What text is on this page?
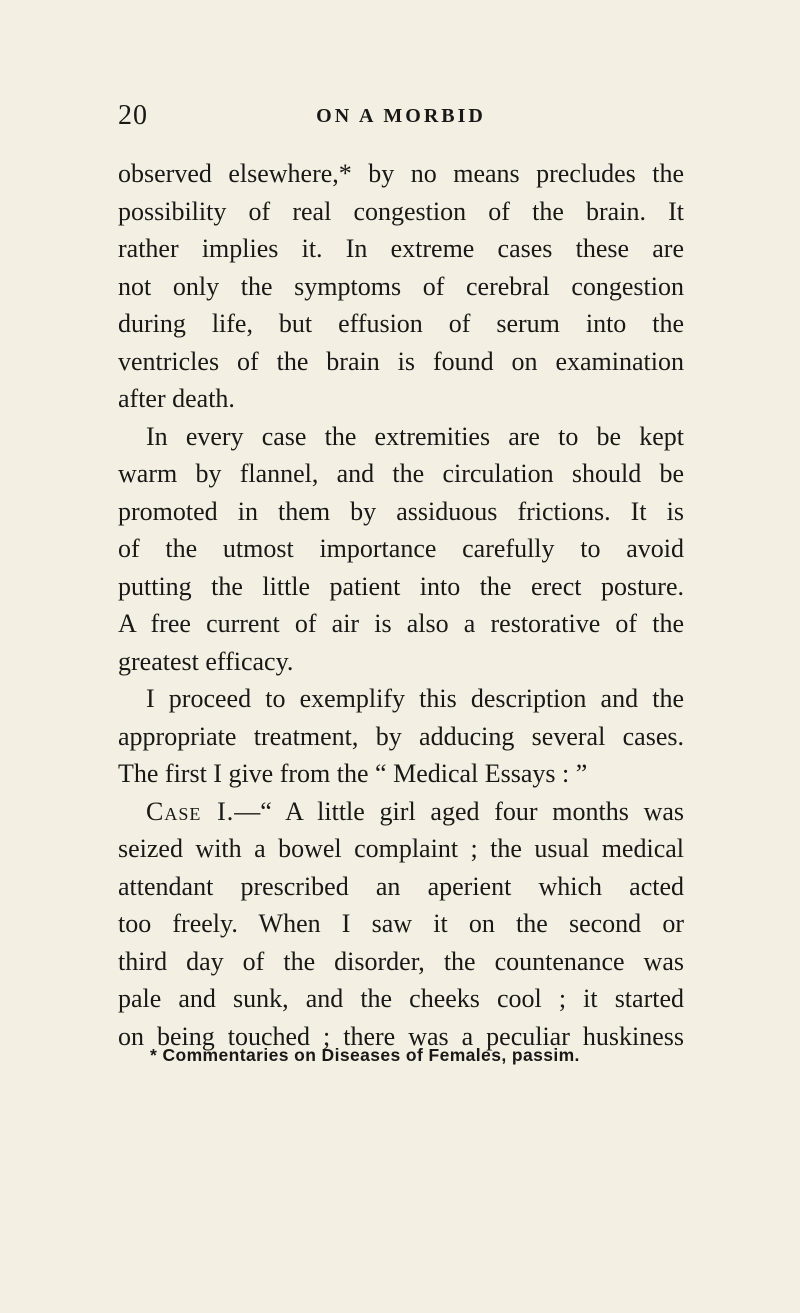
20	ON A MORBID
observed elsewhere,* by no means precludes the
possibility of real congestion of the brain. It
rather implies it. In extreme cases these are
not only the symptoms of cerebral congestion
during life, but effusion of serum into the
ventricles of the brain is found on examination
after death.
In every case the extremities are to be kept
warm by flannel, and the circulation should be
promoted in them by assiduous frictions. It is
of the utmost importance carefully to avoid
putting the little patient into the erect posture.
A free current of air is also a restorative of the
greatest efficacy.
I proceed to exemplify this description and the
appropriate treatment, by adducing several cases.
The first I give from the “ Medical Essays : ”
Case I.—“ A little girl aged four months was
seized with a bowel complaint ; the usual medical
attendant prescribed an aperient which acted
too freely. When I saw it on the second or
third day of the disorder, the countenance was
pale and sunk, and the cheeks cool ; it started
on being touched ; there was a peculiar huskiness
* Commentaries on Diseases of Females, passim.
